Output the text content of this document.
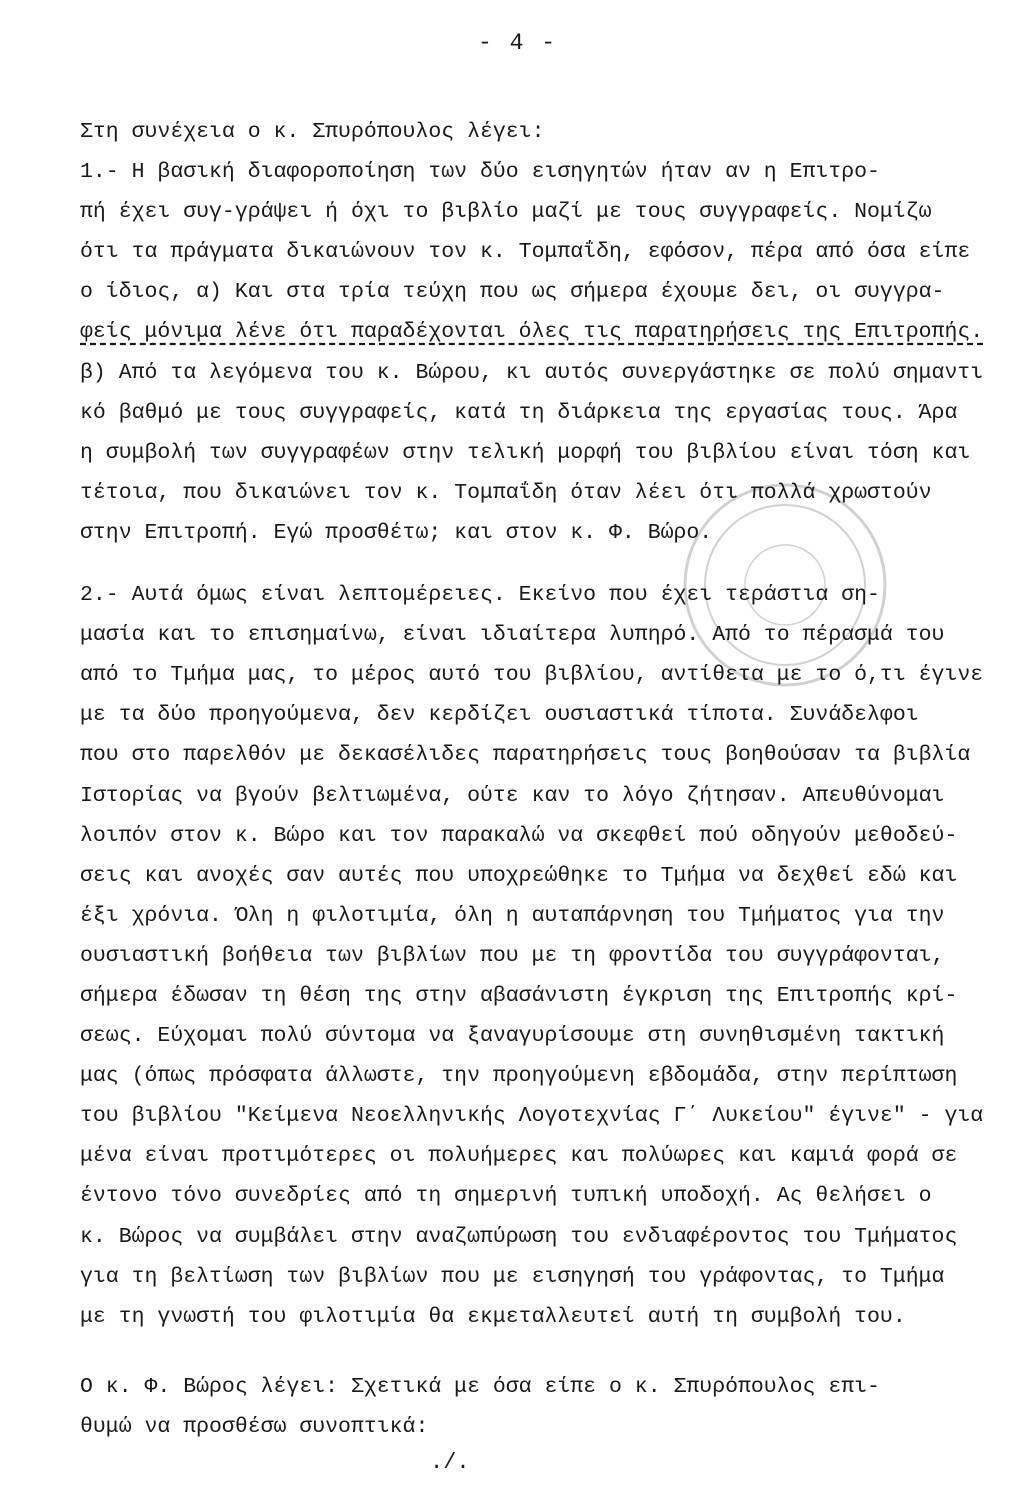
- 4 -
Στη συνέχεια ο κ. Σπυρόπουλος λέγει:
1.- Η βασική διαφοροποίηση των δύο εισηγητών ήταν αν η Επιτρο-
πή έχει συγ-γράψει ή όχι το βιβλίο μαζί με τους συγγραφείς. Νομίζω
ότι τα πράγματα δικαιώνουν τον κ. Τομπαΐδη, εφόσον, πέρα από όσα είπε
ο ίδιος, α) Και στα τρία τεύχη που ως σήμερα έχουμε δει, οι συγγρα-
φείς μόνιμα λένε ότι παραδέχονται όλες τις παρατηρήσεις της Επιτροπής.
β) Από τα λεγόμενα του κ. Βώρου, κι αυτός συνεργάστηκε σε πολύ σημαντι
κό βαθμό με τους συγγραφείς, κατά τη διάρκεια της εργασίας τους. Άρα
η συμβολή των συγγραφέων στην τελική μορφή του βιβλίου είναι τόση και
τέτοια, που δικαιώνει τον κ. Τομπαΐδη όταν λέει ότι πολλά χρωστούν
στην Επιτροπή. Εγώ προσθέτω; και στον κ. Φ. Βώρο.
2.- Αυτά όμως είναι λεπτομέρειες. Εκείνο που έχει τεράστια ση-
μασία και το επισημαίνω, είναι ιδιαίτερα λυπηρό. Από το πέρασμά του
από το Τμήμα μας, το μέρος αυτό του βιβλίου, αντίθετα με το ό,τι έγινε
με τα δύο προηγούμενα, δεν κερδίζει ουσιαστικά τίποτα. Συνάδελφοι
που στο παρελθόν με δεκασέλιδες παρατηρήσεις τους βοηθούσαν τα βιβλία
Ιστορίας να βγούν βελτιωμένα, ούτε καν το λόγο ζήτησαν. Απευθύνομαι
λοιπόν στον κ. Βώρο και τον παρακαλώ να σκεφθεί πού οδηγούν μεθοδεύ-
σεις και ανοχές σαν αυτές που υποχρεώθηκε το Τμήμα να δεχθεί εδώ και
έξι χρόνια. Όλη η φιλοτιμία, όλη η αυταπάρνηση του Τμήματος για την
ουσιαστική βοήθεια των βιβλίων που με τη φροντίδα του συγγράφονται,
σήμερα έδωσαν τη θέση της στην αβασάνιστη έγκριση της Επιτροπής κρί-
σεως. Εύχομαι πολύ σύντομα να ξαναγυρίσουμε στη συνηθισμένη τακτική
μας (όπως πρόσφατα άλλωστε, την προηγούμενη εβδομάδα, στην περίπτωση
του βιβλίου "Κείμενα Νεοελληνικής Λογοτεχνίας Γ΄ Λυκείου" έγινε" - για
μένα είναι προτιμότερες οι πολυήμερες και πολύωρες και καμιά φορά σε
έντονο τόνο συνεδρίες από τη σημερινή τυπική υποδοχή. Ας θελήσει ο
κ. Βώρος να συμβάλει στην αναζωπύρωση του ενδιαφέροντος του Τμήματος
για τη βελτίωση των βιβλίων που με εισηγησή του γράφοντας, το Τμήμα
με τη γνωστή του φιλοτιμία θα εκμεταλλευτεί αυτή τη συμβολή του.
Ο κ. Φ. Βώρος λέγει: Σχετικά με όσα είπε ο κ. Σπυρόπουλος επι-
θυμώ να προσθέσω συνοπτικά:
./.
